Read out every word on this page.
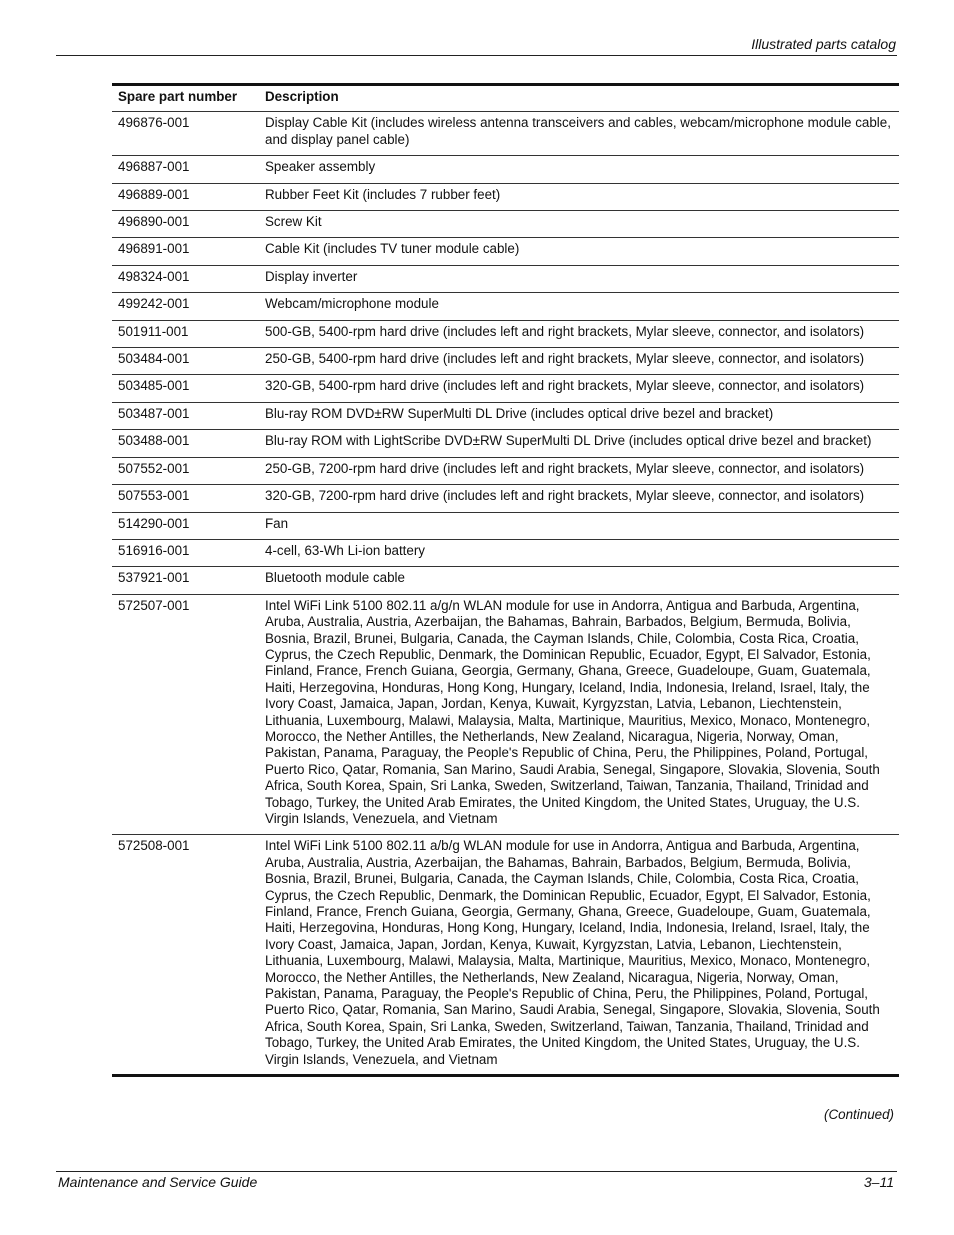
Illustrated parts catalog
Spare part number	Description
496876-001	Display Cable Kit (includes wireless antenna transceivers and cables, webcam/microphone module cable, and display panel cable)
496887-001	Speaker assembly
496889-001	Rubber Feet Kit (includes 7 rubber feet)
496890-001	Screw Kit
496891-001	Cable Kit (includes TV tuner module cable)
498324-001	Display inverter
499242-001	Webcam/microphone module
501911-001	500-GB, 5400-rpm hard drive (includes left and right brackets, Mylar sleeve, connector, and isolators)
503484-001	250-GB, 5400-rpm hard drive (includes left and right brackets, Mylar sleeve, connector, and isolators)
503485-001	320-GB, 5400-rpm hard drive (includes left and right brackets, Mylar sleeve, connector, and isolators)
503487-001	Blu-ray ROM DVD±RW SuperMulti DL Drive (includes optical drive bezel and bracket)
503488-001	Blu-ray ROM with LightScribe DVD±RW SuperMulti DL Drive (includes optical drive bezel and bracket)
507552-001	250-GB, 7200-rpm hard drive (includes left and right brackets, Mylar sleeve, connector, and isolators)
507553-001	320-GB, 7200-rpm hard drive (includes left and right brackets, Mylar sleeve, connector, and isolators)
514290-001	Fan
516916-001	4-cell, 63-Wh Li-ion battery
537921-001	Bluetooth module cable
572507-001	Intel WiFi Link 5100 802.11 a/g/n WLAN module for use in Andorra, Antigua and Barbuda, Argentina, Aruba, Australia, Austria, Azerbaijan, the Bahamas, Bahrain, Barbados, Belgium, Bermuda, Bolivia, Bosnia, Brazil, Brunei, Bulgaria, Canada, the Cayman Islands, Chile, Colombia, Costa Rica, Croatia, Cyprus, the Czech Republic, Denmark, the Dominican Republic, Ecuador, Egypt, El Salvador, Estonia, Finland, France, French Guiana, Georgia, Germany, Ghana, Greece, Guadeloupe, Guam, Guatemala, Haiti, Herzegovina, Honduras, Hong Kong, Hungary, Iceland, India, Indonesia, Ireland, Israel, Italy, the Ivory Coast, Jamaica, Japan, Jordan, Kenya, Kuwait, Kyrgyzstan, Latvia, Lebanon, Liechtenstein, Lithuania, Luxembourg, Malawi, Malaysia, Malta, Martinique, Mauritius, Mexico, Monaco, Montenegro, Morocco, the Nether Antilles, the Netherlands, New Zealand, Nicaragua, Nigeria, Norway, Oman, Pakistan, Panama, Paraguay, the People's Republic of China, Peru, the Philippines, Poland, Portugal, Puerto Rico, Qatar, Romania, San Marino, Saudi Arabia, Senegal, Singapore, Slovakia, Slovenia, South Africa, South Korea, Spain, Sri Lanka, Sweden, Switzerland, Taiwan, Tanzania, Thailand, Trinidad and Tobago, Turkey, the United Arab Emirates, the United Kingdom, the United States, Uruguay, the U.S. Virgin Islands, Venezuela, and Vietnam
572508-001	Intel WiFi Link 5100 802.11 a/b/g WLAN module for use in Andorra, Antigua and Barbuda, Argentina, Aruba, Australia, Austria, Azerbaijan, the Bahamas, Bahrain, Barbados, Belgium, Bermuda, Bolivia, Bosnia, Brazil, Brunei, Bulgaria, Canada, the Cayman Islands, Chile, Colombia, Costa Rica, Croatia, Cyprus, the Czech Republic, Denmark, the Dominican Republic, Ecuador, Egypt, El Salvador, Estonia, Finland, France, French Guiana, Georgia, Germany, Ghana, Greece, Guadeloupe, Guam, Guatemala, Haiti, Herzegovina, Honduras, Hong Kong, Hungary, Iceland, India, Indonesia, Ireland, Israel, Italy, the Ivory Coast, Jamaica, Japan, Jordan, Kenya, Kuwait, Kyrgyzstan, Latvia, Lebanon, Liechtenstein, Lithuania, Luxembourg, Malawi, Malaysia, Malta, Martinique, Mauritius, Mexico, Monaco, Montenegro, Morocco, the Nether Antilles, the Netherlands, New Zealand, Nicaragua, Nigeria, Norway, Oman, Pakistan, Panama, Paraguay, the People's Republic of China, Peru, the Philippines, Poland, Portugal, Puerto Rico, Qatar, Romania, San Marino, Saudi Arabia, Senegal, Singapore, Slovakia, Slovenia, South Africa, South Korea, Spain, Sri Lanka, Sweden, Switzerland, Taiwan, Tanzania, Thailand, Trinidad and Tobago, Turkey, the United Arab Emirates, the United Kingdom, the United States, Uruguay, the U.S. Virgin Islands, Venezuela, and Vietnam
(Continued)
Maintenance and Service Guide	3–11
